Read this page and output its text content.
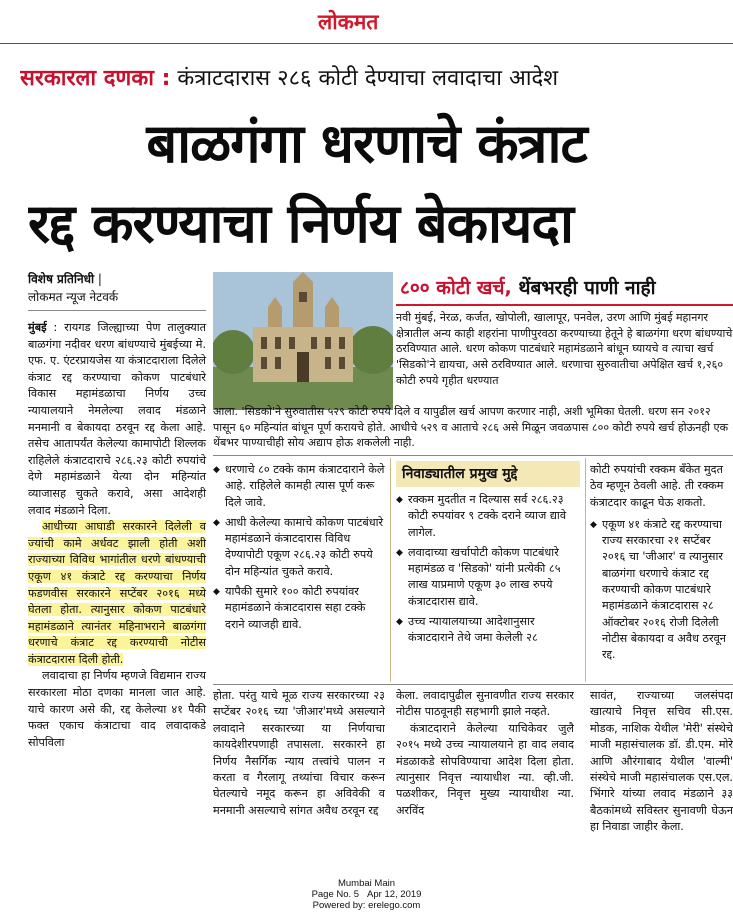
लोकमत
सरकारला दणका : कंत्राटदारास २८६ कोटी देण्याचा लवादाचा आदेश
बाळगंगा धरणाचे कंत्राट
रद्द करण्याचा निर्णय बेकायदा
विशेष प्रतिनिधी |
लोकमत न्यूज नेटवर्क

मुंबई : रायगड जिल्ह्याच्या पेण तालुक्यात बाळगंगा नदीवर धरण बांधण्याचे मुंबईच्या मे. एफ. ए. एंटरप्रायजेस या कंत्राटदाराला दिलेले कंत्राट रद्द करण्याचा कोकण पाटबंधारे विकास महामंडळाचा निर्णय उच्च न्यायालयाने नेमलेल्या लवाद मंडळाने मनमानी व बेकायदा ठरवून रद्द केला आहे. तसेच आतापर्यंत केलेल्या कामापोटी शिल्लक राहिलेले कंत्राटदाराचे २८६.२३ कोटी रुपयांचे देणे महामंडळाने येत्या दोन महिन्यांत व्याजासह चुकते करावे, असा आदेशही लवाद मंडळाने दिला.

आधीच्या आघाडी सरकारने दिलेली व ज्यांची कामे अर्धवट झाली होती अशी राज्याच्या विविध भागांतील धरणे बांधण्याची एकूण ४१ कंत्राटे रद्द करण्याचा निर्णय फडणवीस सरकारने सप्टेंबर २०१६ मध्ये घेतला होता. त्यानुसार कोकण पाटबंधारे महामंडळाने त्यानंतर महिनाभराने बाळगंगा धरणाचे कंत्राट रद्द करण्याची नोटीस कंत्राटदारास दिली होती.

लवादाचा हा निर्णय म्हणजे विद्यमान राज्य सरकारला मोठा दणका मानला जात आहे. याचे कारण असे की, रद्द केलेल्या ४१ पैकी फक्त एकाच कंत्राटाचा वाद लवादाकडे सोपविला

८०० कोटी खर्च, थेंबभरही पाणी नाही
नवी मुंबई, नेरळ, कर्जत, खोपोली, खालापूर, पनवेल, उरण आणि मुंबई महानगर क्षेत्रातील अन्य काही शहरांना पाणीपुरवठा करण्याच्या हेतूने हे बाळगंगा धरण बांधण्याचे ठरविण्यात आले. धरण कोकण पाटबंधारे महामंडळाने बांधून घ्यायचे व त्याचा खर्च 'सिडको'ने द्यायचा, असे ठरविण्यात आले. धरणाचा सुरुवातीचा अपेक्षित खर्च १,२६० कोटी रुपये गृहीत धरण्यात
आला. 'सिडको'ने सुरुवातीस ५२९ कोटी रुपये दिले व यापुढील खर्च आपण करणार नाही, अशी भूमिका घेतली. धरण सन २०१२ पासून ६० महिन्यांत बांधून पूर्ण करायचे होते. आधीचे ५२९ व आताचे २८६ असे मिळून जवळपास ८०० कोटी रुपये खर्च होऊनही एक थेंबभर पाण्याचीही सोय अद्याप होऊ शकलेली नाही.
◆ धरणाचे ८० टक्के काम कंत्राटदाराने केले आहे. राहिलेले कामही त्यास पूर्ण करू दिले जावे.
◆ आधी केलेल्या कामाचे कोकण पाटबंधारे महामंडळाने कंत्राटदारास विविध देण्यापोटी एकूण २८६.२३ कोटी रुपये दोन महिन्यांत चुकते करावे.
◆ यापैकी सुमारे १०० कोटी रुपयांवर महामंडळाने कंत्राटदारास सहा टक्के दराने व्याजही द्यावे.
निवाड्यातील प्रमुख मुद्दे
◆ रक्कम मुदतीत न दिल्यास सर्व २८६.२३ कोटी रुपयांवर ९ टक्के दराने व्याज द्यावे लागेल.
◆ लवादाच्या खर्चापोटी कोकण पाटबंधारे महामंडळ व 'सिडको' यांनी प्रत्येकी ८५ लाख याप्रमाणे एकूण ३० लाख रुपये कंत्राटदारास द्यावे.
◆ उच्च न्यायालयाच्या आदेशानुसार कंत्राटदाराने तेथे जमा केलेली २८

कोटी रुपयांची रक्कम बँकेत मुदत ठेव म्हणून ठेवली आहे. ती रक्कम कंत्राटदार काढून घेऊ शकतो.

◆ एकूण ४१ कंत्राटे रद्द करण्याचा राज्य सरकारचा २१ सप्टेंबर २०१६ चा 'जीआर' व त्यानुसार बाळगंगा धरणाचे कंत्राट रद्द करण्याची कोकण पाटबंधारे महामंडळाने कंत्राटदारास २८ ऑक्टोबर २०१६ रोजी दिलेली नोटीस बेकायदा व अवैध ठरवून रद्द.

होता. परंतु याचे मूळ राज्य सरकारच्या २३ सप्टेंबर २०१६ च्या 'जीआर'मध्ये असल्याने लवादाने सरकारच्या या निर्णयाचा कायदेशीरपणाही तपासला. सरकारने हा निर्णय नैसर्गिक न्याय तत्त्वांचे पालन न करता व गैरलागू तथ्यांचा विचार करून घेतल्याचे नमूद करून हा अविवेकी व मनमानी असल्याचे सांगत अवैध ठरवून रद्द

केला. लवादापुढील सुनावणीत राज्य सरकार नोटीस पाठवूनही सहभागी झाले नव्हते.

कंत्राटदाराने केलेल्या याचिकेवर जुलै २०१५ मध्ये उच्च न्यायालयाने हा वाद लवाद मंडळाकडे सोपविण्याचा आदेश दिला होता. त्यानुसार निवृत्त न्यायाधीश न्या. व्ही.जी. पळशीकर, निवृत्त मुख्य न्यायाधीश न्या. अरविंद

सावंत, राज्याच्या जलसंपदा खात्याचे निवृत्त सचिव सी.एस. मोडक, नाशिक येथील 'मेरी' संस्थेचे माजी महासंचालक डॉ. डी.एम. मोरे आणि औरंगाबाद येथील 'वाल्मी' संस्थेचे माजी महासंचालक एस.एल. भिंगारे यांच्या लवाद मंडळाने ३३ बैठकांमध्ये सविस्तर सुनावणी घेऊन हा निवाडा जाहीर केला.

Mumbai Main
Page No. 5 Apr 12, 2019
Powered by: erelego.com
